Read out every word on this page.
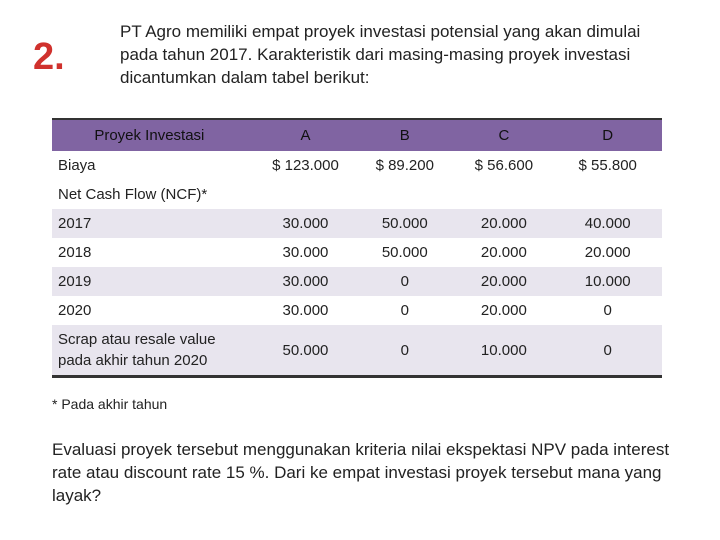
2.
PT Agro memiliki empat proyek investasi potensial yang akan dimulai pada tahun 2017. Karakteristik dari masing-masing proyek investasi dicantumkan dalam tabel berikut:
Proyek Investasi	A	B	C	D
Biaya	$ 123.000	$ 89.200	$ 56.600	$ 55.800
Net Cash Flow (NCF)*				
2017	30.000	50.000	20.000	40.000
2018	30.000	50.000	20.000	20.000
2019	30.000	0	20.000	10.000
2020	30.000	0	20.000	0
Scrap atau resale value
pada akhir tahun 2020	50.000	0	10.000	0
* Pada akhir tahun
Evaluasi proyek tersebut menggunakan kriteria nilai ekspektasi NPV pada interest rate atau discount rate 15 %. Dari ke empat investasi proyek tersebut mana yang layak?
